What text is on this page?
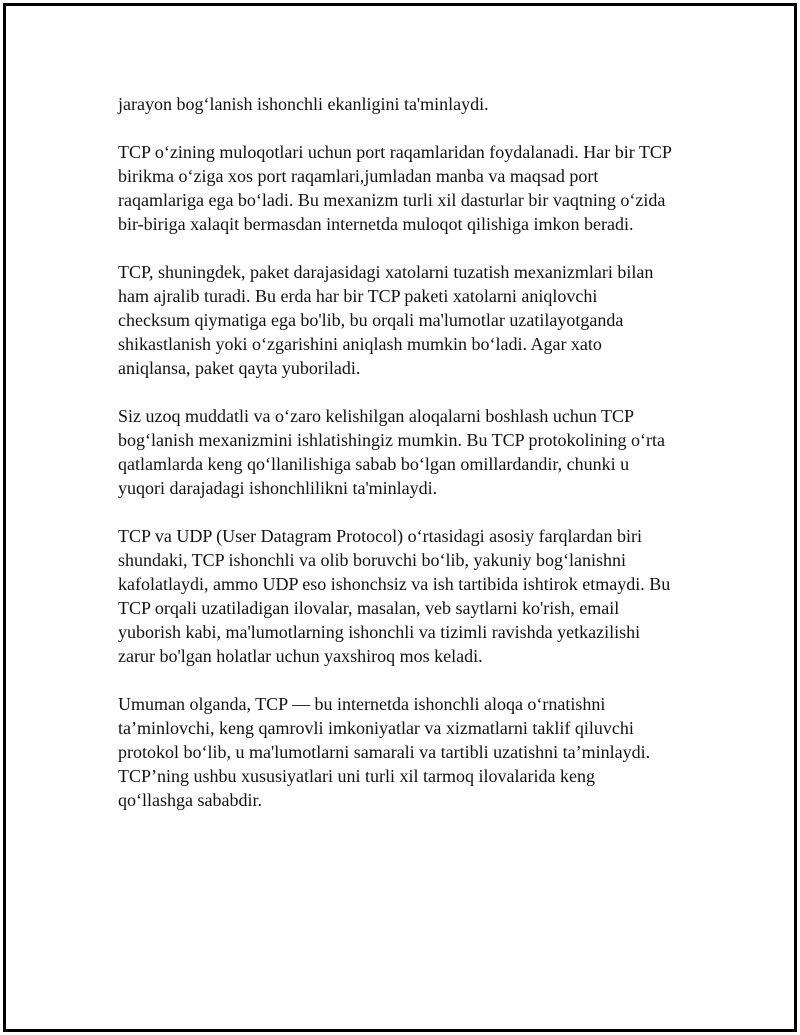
jarayon bog‘lanish ishonchli ekanligini ta'minlaydi.

TCP o‘zining muloqotlari uchun port raqamlaridan foydalanadi. Har bir TCP
birikma o‘ziga xos port raqamlari,jumladan manba va maqsad port
raqamlariga ega bo‘ladi. Bu mexanizm turli xil dasturlar bir vaqtning o‘zida
bir-biriga xalaqit bermasdan internetda muloqot qilishiga imkon beradi.

TCP, shuningdek, paket darajasidagi xatolarni tuzatish mexanizmlari bilan
ham ajralib turadi. Bu erda har bir TCP paketi xatolarni aniqlovchi
checksum qiymatiga ega bo'lib, bu orqali ma'lumotlar uzatilayotganda
shikastlanish yoki o‘zgarishini aniqlash mumkin bo‘ladi. Agar xato
aniqlansa, paket qayta yuboriladi.

Siz uzoq muddatli va o‘zaro kelishilgan aloqalarni boshlash uchun TCP
bog‘lanish mexanizmini ishlatishingiz mumkin. Bu TCP protokolining o‘rta
qatlamlarda keng qo‘llanilishiga sabab bo‘lgan omillardandir, chunki u
yuqori darajadagi ishonchlilikni ta'minlaydi.

TCP va UDP (User Datagram Protocol) o‘rtasidagi asosiy farqlardan biri
shundaki, TCP ishonchli va olib boruvchi bo‘lib, yakuniy bog‘lanishni
kafolatlaydi, ammo UDP eso ishonchsiz va ish tartibida ishtirok etmaydi. Bu
TCP orqali uzatiladigan ilovalar, masalan, veb saytlarni ko'rish, email
yuborish kabi, ma'lumotlarning ishonchli va tizimli ravishda yetkazilishi
zarur bo'lgan holatlar uchun yaxshiroq mos keladi.

Umuman olganda, TCP — bu internetda ishonchli aloqa o‘rnatishni
ta’minlovchi, keng qamrovli imkoniyatlar va xizmatlarni taklif qiluvchi
protokol bo‘lib, u ma'lumotlarni samarali va tartibli uzatishni ta’minlaydi.
TCP’ning ushbu xususiyatlari uni turli xil tarmoq ilovalarida keng
qo‘llashga sababdir.
